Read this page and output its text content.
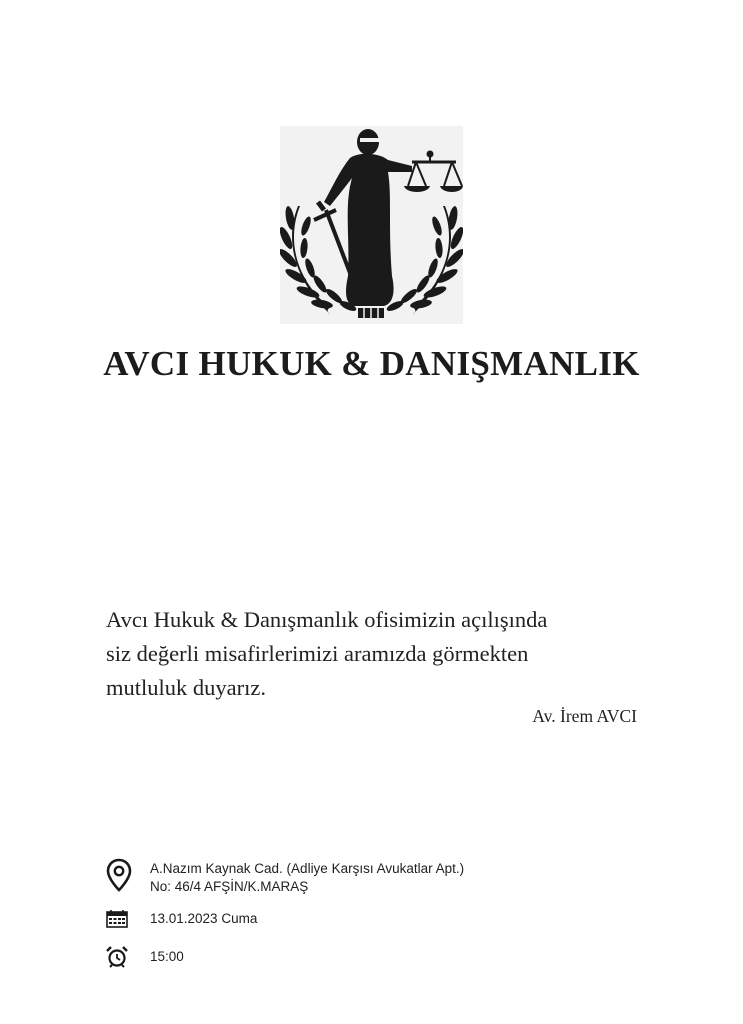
AVCI HUKUK & DANIŞMANLIK
Avcı Hukuk & Danışmanlık ofisimizin açılışında
siz değerli misafirlerimizi aramızda görmekten
mutluluk duyarız.
Av. İrem AVCI
A.Nazım Kaynak Cad. (Adliye Karşısı Avukatlar Apt.)
No: 46/4 AFŞİN/K.MARAŞ
13.01.2023 Cuma
15:00
